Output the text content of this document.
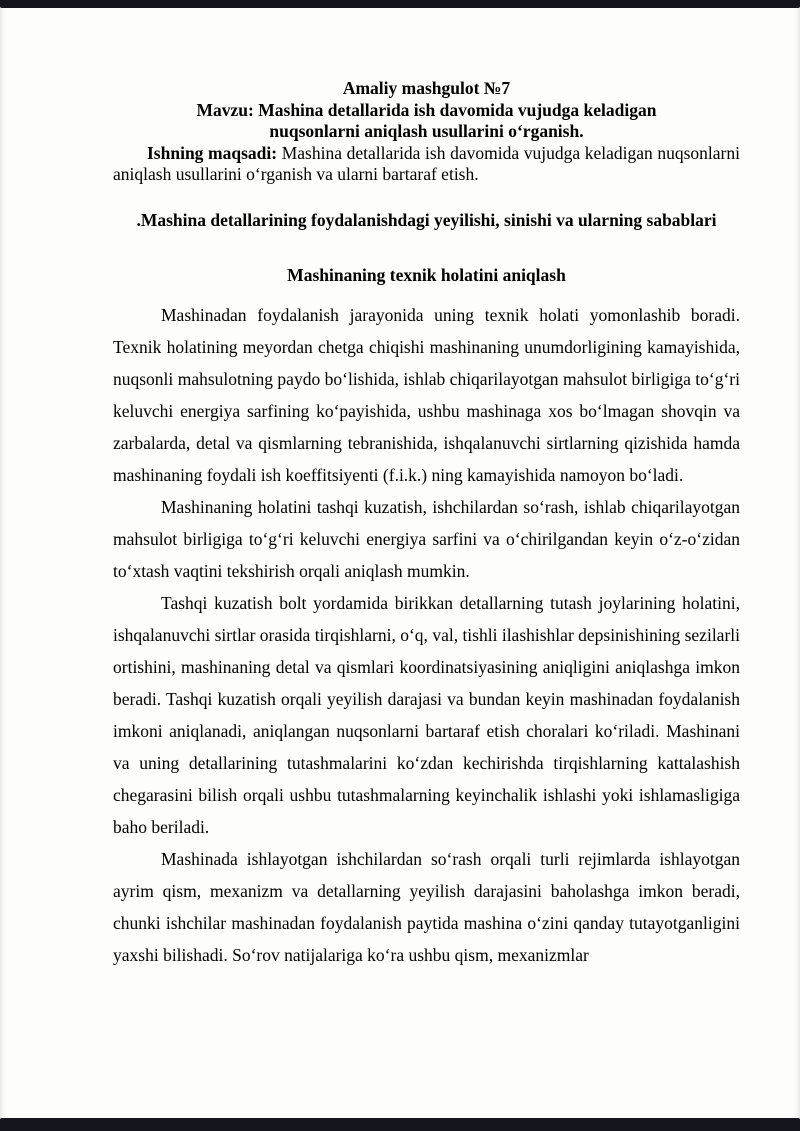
Amaliy mashgulot №7

Mavzu: Mashina detallarida ish davomida vujudga keladigan

nuqsonlarni aniqlash usullarini o‘rganish.

Ishning maqsadi: Mashina detallarida ish davomida vujudga keladigan nuqsonlarni aniqlash usullarini o‘rganish va ularni bartaraf etish.

.Mashina detallarining foydalanishdagi yeyilishi, sinishi va ularning sabablari

Mashinaning texnik holatini aniqlash

Mashinadan foydalanish jarayonida uning texnik holati yomonlashib boradi. Texnik holatining meyordan chetga chiqishi mashinaning unumdorligining kamayishida, nuqsonli mahsulotning paydo bo‘lishida, ishlab chiqarilayotgan mahsulot birligiga to‘g‘ri keluvchi energiya sarfining ko‘payishida, ushbu mashinaga xos bo‘lmagan shovqin va zarbalarda, detal va qismlarning tebranishida, ishqalanuvchi sirtlarning qizishida hamda mashinaning foydali ish koeffitsiyenti (f.i.k.) ning kamayishida namoyon bo‘ladi.

Mashinaning holatini tashqi kuzatish, ishchilardan so‘rash, ishlab chiqarilayotgan mahsulot birligiga to‘g‘ri keluvchi energiya sarfini va o‘chirilgandan keyin o‘z-o‘zidan to‘xtash vaqtini tekshirish orqali aniqlash mumkin.

Tashqi kuzatish bolt yordamida birikkan detallarning tutash joylarining holatini, ishqalanuvchi sirtlar orasida tirqishlarni, o‘q, val, tishli ilashishlar depsinishining sezilarli ortishini, mashinaning detal va qismlari koordinatsiyasining aniqligini aniqlashga imkon beradi. Tashqi kuzatish orqali yeyilish darajasi va bundan keyin mashinadan foydalanish imkoni aniqlanadi, aniqlangan nuqsonlarni bartaraf etish choralari ko‘riladi. Mashinani va uning detallarining tutashmalarini ko‘zdan kechirishda tirqishlarning kattalashish chegarasini bilish orqali ushbu tutashmalarning keyinchalik ishlashi yoki ishlamasligiga baho beriladi.

Mashinada ishlayotgan ishchilardan so‘rash orqali turli rejimlarda ishlayotgan ayrim qism, mexanizm va detallarning yeyilish darajasini baholashga imkon beradi, chunki ishchilar mashinadan foydalanish paytida mashina o‘zini qanday tutayotganligini yaxshi bilishadi. So‘rov natijalariga ko‘ra ushbu qism, mexanizmlar
